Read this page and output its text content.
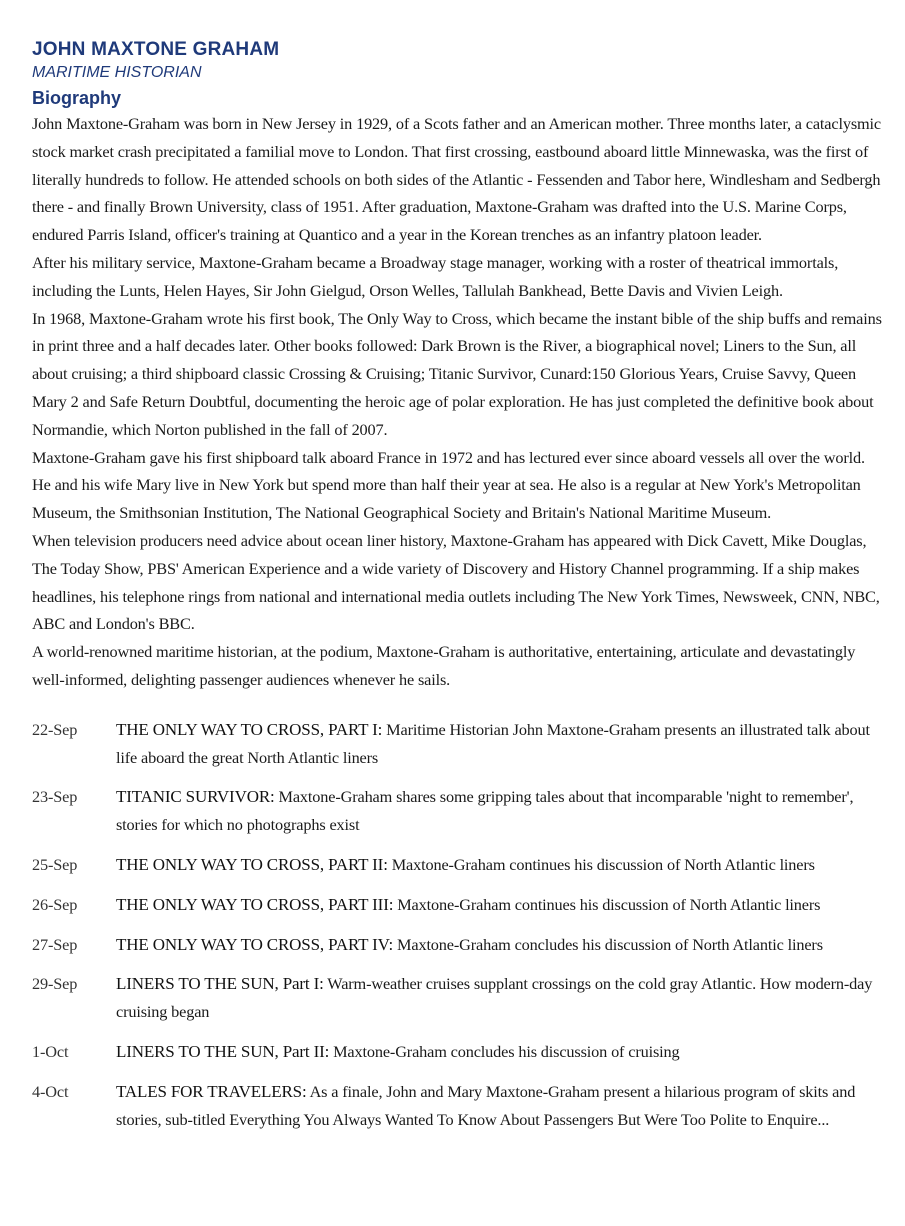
JOHN MAXTONE GRAHAM
MARITIME HISTORIAN
Biography

John Maxtone-Graham was born in New Jersey in 1929, of a Scots father and an American mother. Three months later, a cataclysmic stock market crash precipitated a familial move to London. That first crossing, eastbound aboard little Minnewaska, was the first of literally hundreds to follow. He attended schools on both sides of the Atlantic - Fessenden and Tabor here, Windlesham and Sedbergh there - and finally Brown University, class of 1951. After graduation, Maxtone-Graham was drafted into the U.S. Marine Corps, endured Parris Island, officer's training at Quantico and a year in the Korean trenches as an infantry platoon leader.

After his military service, Maxtone-Graham became a Broadway stage manager, working with a roster of theatrical immortals, including the Lunts, Helen Hayes, Sir John Gielgud, Orson Welles, Tallulah Bankhead, Bette Davis and Vivien Leigh.

In 1968, Maxtone-Graham wrote his first book, The Only Way to Cross, which became the instant bible of the ship buffs and remains in print three and a half decades later. Other books followed: Dark Brown is the River, a biographical novel; Liners to the Sun, all about cruising; a third shipboard classic Crossing & Cruising; Titanic Survivor, Cunard:150 Glorious Years, Cruise Savvy, Queen Mary 2 and Safe Return Doubtful, documenting the heroic age of polar exploration. He has just completed the definitive book about Normandie, which Norton published in the fall of 2007.

Maxtone-Graham gave his first shipboard talk aboard France in 1972 and has lectured ever since aboard vessels all over the world. He and his wife Mary live in New York but spend more than half their year at sea. He also is a regular at New York's Metropolitan Museum, the Smithsonian Institution, The National Geographical Society and Britain's National Maritime Museum.

When television producers need advice about ocean liner history, Maxtone-Graham has appeared with Dick Cavett, Mike Douglas, The Today Show, PBS' American Experience and a wide variety of Discovery and History Channel programming. If a ship makes headlines, his telephone rings from national and international media outlets including The New York Times, Newsweek, CNN, NBC, ABC and London's BBC.

A world-renowned maritime historian, at the podium, Maxtone-Graham is authoritative, entertaining, articulate and devastatingly well-informed, delighting passenger audiences whenever he sails.

22-Sep	THE ONLY WAY TO CROSS, PART I: Maritime Historian John Maxtone-Graham presents an illustrated talk about life aboard the great North Atlantic liners
23-Sep	TITANIC SURVIVOR: Maxtone-Graham shares some gripping tales about that incomparable 'night to remember', stories for which no photographs exist
25-Sep	THE ONLY WAY TO CROSS, PART II: Maxtone-Graham continues his discussion of North Atlantic liners
26-Sep	THE ONLY WAY TO CROSS, PART III: Maxtone-Graham continues his discussion of North Atlantic liners
27-Sep	THE ONLY WAY TO CROSS, PART IV: Maxtone-Graham concludes his discussion of North Atlantic liners
29-Sep	LINERS TO THE SUN, Part I: Warm-weather cruises supplant crossings on the cold gray Atlantic. How modern-day cruising began
1-Oct	LINERS TO THE SUN, Part II: Maxtone-Graham concludes his discussion of cruising
4-Oct	TALES FOR TRAVELERS: As a finale, John and Mary Maxtone-Graham present a hilarious program of skits and stories, sub-titled Everything You Always Wanted To Know About Passengers But Were Too Polite to Enquire...
